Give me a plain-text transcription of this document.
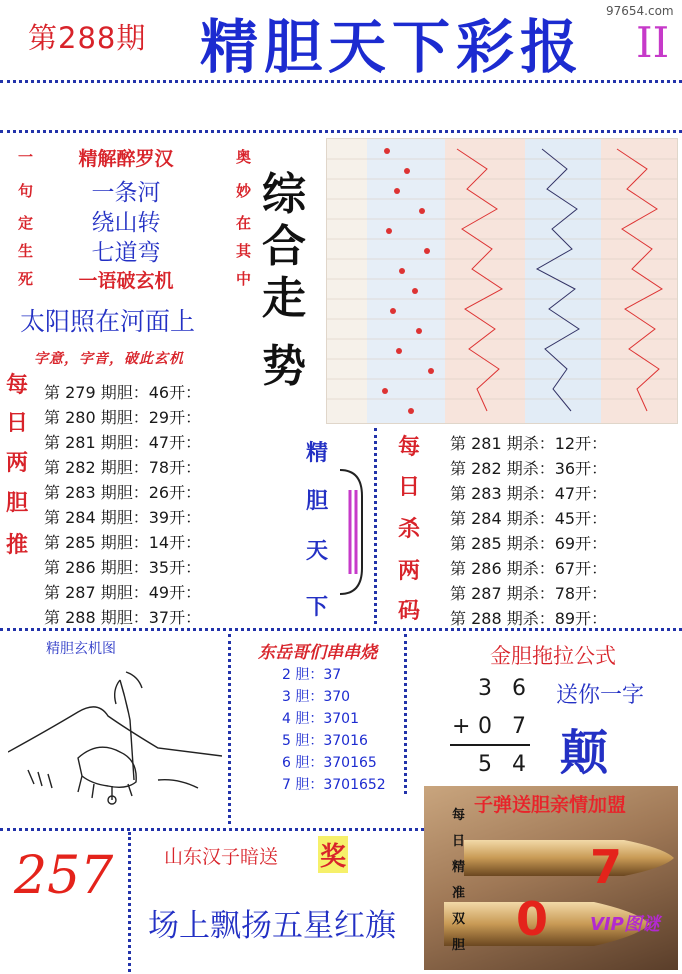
第288期 精胆天下彩报 II
97654.com
一
句
定
生
死
奥
妙
在
其
中
精解醉罗汉
一条河
绕山转
七道弯
一语破玄机
综
合
走
势
太阳照在河面上
字意，字音，破此玄机
每
日
两
胆
推
第 279 期胆：46开：
第 280 期胆：29开：
第 281 期胆：47开：
第 282 期胆：78开：
第 283 期胆：26开：
第 284 期胆：39开：
第 285 期胆：14开：
第 286 期胆：35开：
第 287 期胆：49开：
第 288 期胆：37开：
精
胆
天
下
每
日
杀
两
码
第 281 期杀：12开：
第 282 期杀：36开：
第 283 期杀：47开：
第 284 期杀：45开：
第 285 期杀：69开：
第 286 期杀：67开：
第 287 期杀：78开：
第 288 期杀：89开：
精胆玄机图	东岳哥们串串烧
2 胆：37
3 胆：370
4 胆：3701
5 胆：37016
6 胆：370165
7 胆：3701652
金胆拖拉公式
3 6
+ 0 7
5 4
送你一字
颠
257	山东汉子暗送 奖
场上飘扬五星红旗
子弹送胆亲情加盟
每
日
精
准
双
胆
7
0 VIP图谜
